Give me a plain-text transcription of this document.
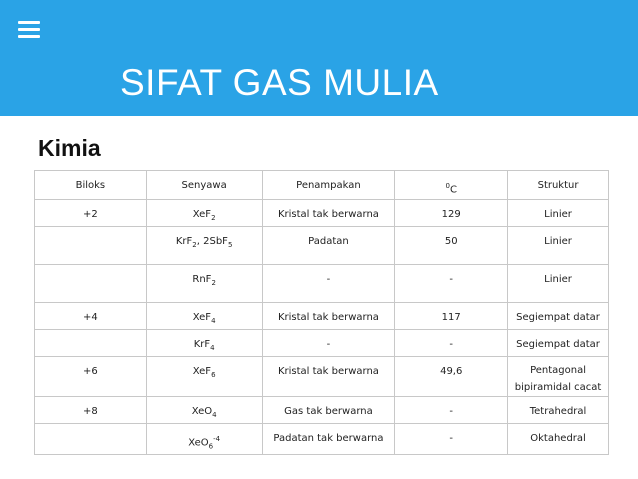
SIFAT GAS MULIA
Kimia
Biloks	Senyawa	Penampakan	$^0$C	Struktur
+2	XeF$_2$	Kristal tak berwarna	129	Linier
	KrF$_2$, 2SbF$_5$	Padatan	50	Linier
	RnF$_2$	-	-	Linier
+4	XeF$_4$	Kristal tak berwarna	117	Segiempat datar
	KrF$_4$	-	-	Segiempat datar
+6	XeF$_6$	Kristal tak berwarna	49,6	Pentagonal bipiramidal cacat
+8	XeO$_4$	Gas tak berwarna	-	Tetrahedral
	XeO$_6^{-4}$	Padatan tak berwarna	-	Oktahedral
